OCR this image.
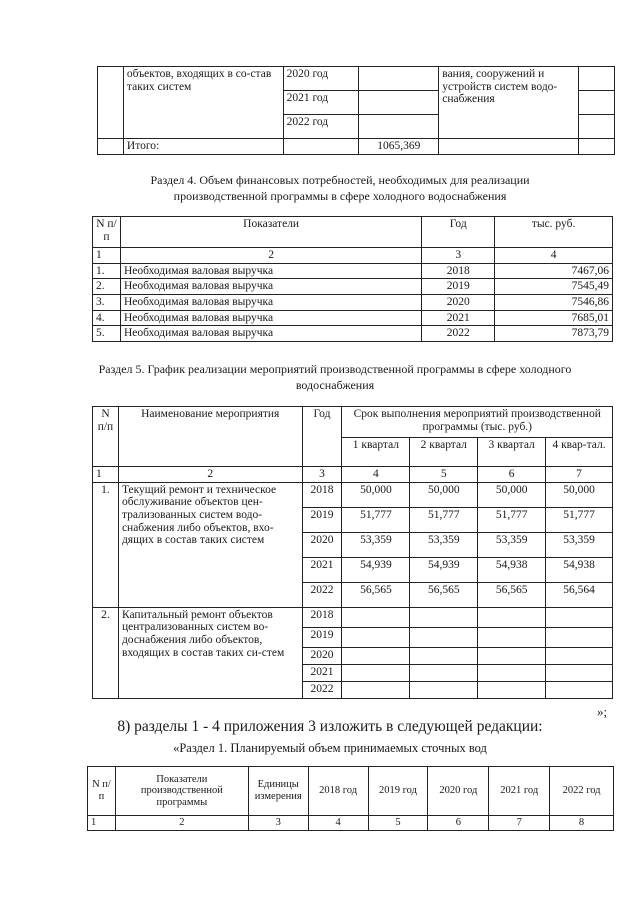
	объектов, входящих в со-став таких систем	2020 год		вания, сооружений и устройств систем водо-снабжения	
		2021 год			
		2022 год			
	Итого:		1065,369		
Раздел 4. Объем финансовых потребностей, необходимых для реализации производственной программы в сфере холодного водоснабжения
N п/п	Показатели	Год	тыс. руб.
1	2	3	4
1.	Необходимая валовая выручка	2018	7467,06
2.	Необходимая валовая выручка	2019	7545,49
3.	Необходимая валовая выручка	2020	7546,86
4.	Необходимая валовая выручка	2021	7685,01
5.	Необходимая валовая выручка	2022	7873,79
Раздел 5. График реализации мероприятий производственной программы в сфере холодного водоснабжения
N п/п	Наименование мероприятия	Год	Срок выполнения мероприятий производственной программы (тыс. руб.)			
			1 квартал	2 квартал	3 квартал	4 квар-тал.
1	2	3	4	5	6	7
1.	Текущий ремонт и техническое обслуживание объектов цен-трализованных систем водо-снабжения либо объектов, вхо-дящих в состав таких систем	2018	50,000	50,000	50,000	50,000
		2019	51,777	51,777	51,777	51,777
		2020	53,359	53,359	53,359	53,359
		2021	54,939	54,939	54,938	54,938
		2022	56,565	56,565	56,565	56,564
2.	Капитальный ремонт объектов централизованных систем во-доснабжения либо объектов, входящих в состав таких си-стем	2018				
		2019				
		2020				
		2021				
		2022				
»;
8) разделы 1 - 4 приложения 3 изложить в следующей редакции:
«Раздел 1. Планируемый объем принимаемых сточных вод
N п/п	Показатели производственной программы	Единицы измерения	2018 год	2019 год	2020 год	2021 год	2022 год
1	2	3	4	5	6	7	8
